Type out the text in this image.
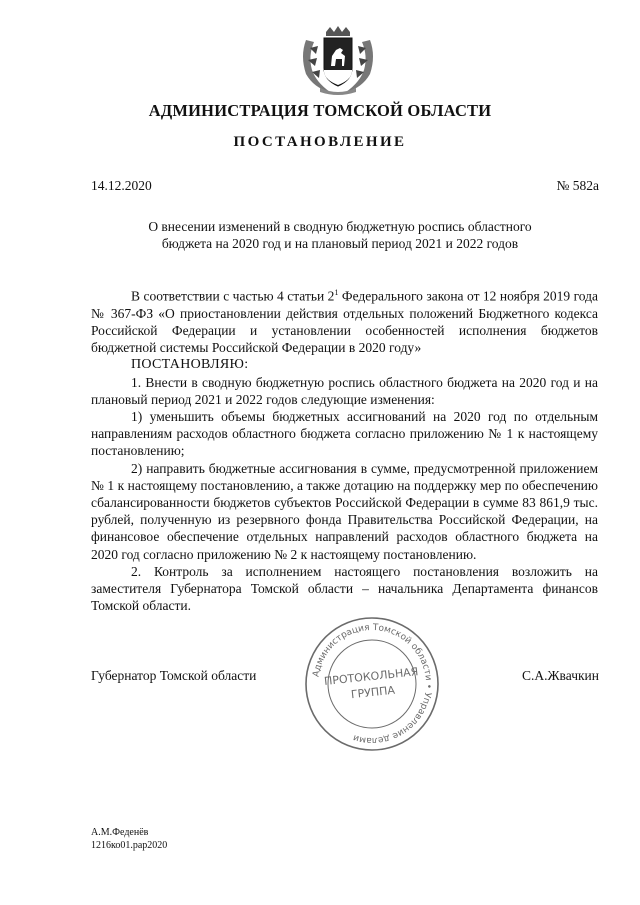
АДМИНИСТРАЦИЯ ТОМСКОЙ ОБЛАСТИ
ПОСТАНОВЛЕНИЕ
14.12.2020	№ 582а
О внесении изменений в сводную бюджетную роспись областного
бюджета на 2020 год и на плановый период 2021 и 2022 годов

В соответствии с частью 4 статьи $2^1$ Федерального закона от 12 ноября 2019 года № 367-ФЗ «О приостановлении действия отдельных положений Бюджетного кодекса Российской Федерации и установлении особенностей исполнения бюджетов бюджетной системы Российской Федерации в 2020 году»

ПОСТАНОВЛЯЮ:

1. Внести в сводную бюджетную роспись областного бюджета на 2020 год и на плановый период 2021 и 2022 годов следующие изменения:

1) уменьшить объемы бюджетных ассигнований на 2020 год по отдельным направлениям расходов областного бюджета согласно приложению № 1 к настоящему постановлению;

2) направить бюджетные ассигнования в сумме, предусмотренной приложением № 1 к настоящему постановлению, а также дотацию на поддержку мер по обеспечению сбалансированности бюджетов субъектов Российской Федерации в сумме 83 861,9 тыс. рублей, полученную из резервного фонда Правительства Российской Федерации, на финансовое обеспечение отдельных направлений расходов областного бюджета на 2020 год согласно приложению № 2 к настоящему постановлению.

2. Контроль за исполнением настоящего постановления возложить на заместителя Губернатора Томской области – начальника Департамента финансов Томской области.

Губернатор Томской области	С.А.Жвачкин
Администрация Томской области • Управление делами
ПРОТОКОЛЬНАЯ
ГРУППА
А.М.Феденёв
1216ко01.рар2020
